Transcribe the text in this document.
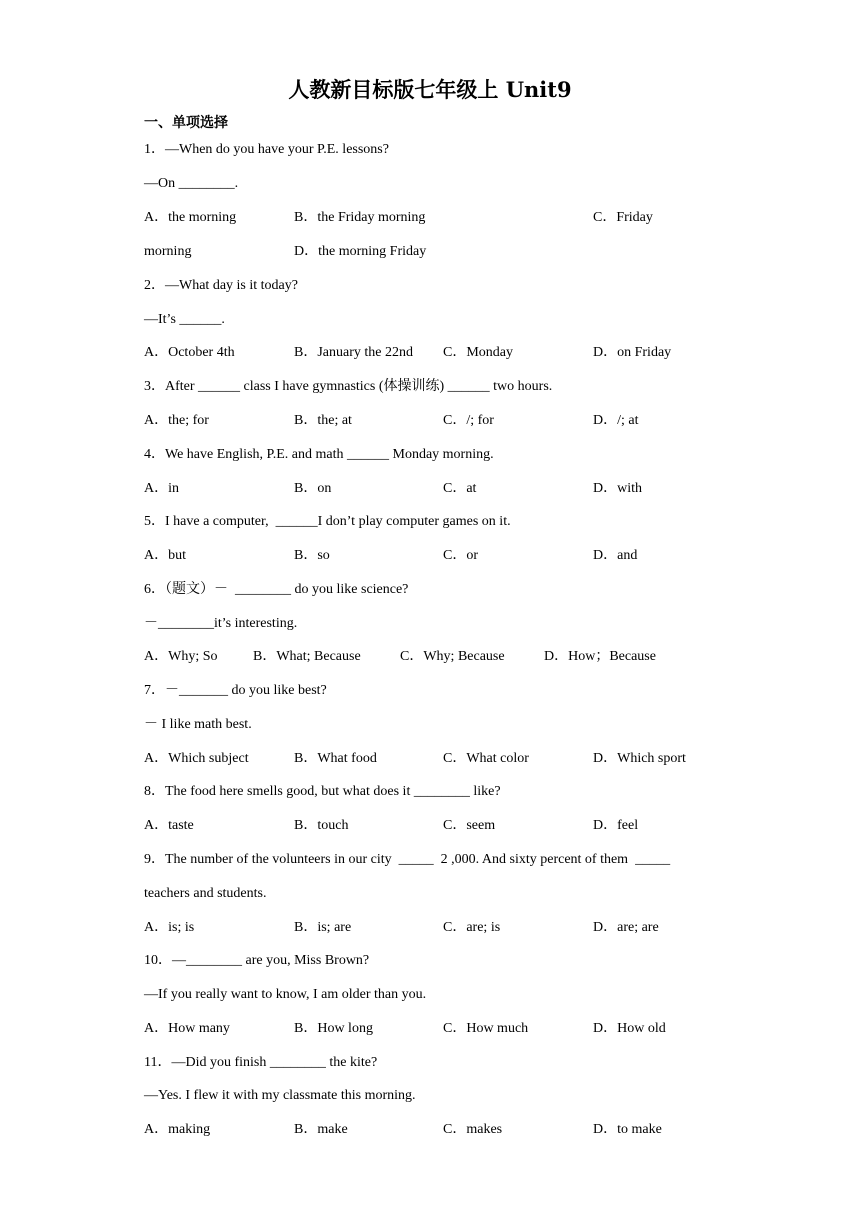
人教新目标版七年级上 Unit9
一、单项选择
1．—When do you have your P.E. lessons?
—On ________.
A．the morning	B．the Friday morning	C．Friday
morning	D．the morning Friday
2．—What day is it today?
—It’s ______.
A．October 4th	B．January the 22nd C．Monday	D．on Friday
3．After ______ class I have gymnastics (体操训练) ______ two hours.
A．the; for	B．the; at	C．/; for	D．/; at
4．We have English, P.E. and math ______ Monday morning.
A．in	B．on	C．at	D．with
5．I have a computer,  ______I don’t play computer games on it.
A．but	B．so	C．or	D．and
6．（题文）－  ________ do you like science?
－________it’s interesting.
A．Why; So	B．What; Because	C．Why; Because	D．How；Because
7．－_______ do you like best?
－ I like math best.
A．Which subject	B．What food	C．What color	D．Which sport
8．The food here smells good, but what does it ________ like?
A．taste	B．touch	C．seem	D．feel
9．The number of the volunteers in our city  _____  2 ,000. And sixty percent of them  _____
teachers and students.
A．is; is	B．is; are	C．are; is	D．are; are
10．—________ are you, Miss Brown?
—If you really want to know, I am older than you.
A．How many	B．How long	C．How much	D．How old
11．—Did you finish ________ the kite?
—Yes. I flew it with my classmate this morning.
A．making	B．make	C．makes	D．to make
